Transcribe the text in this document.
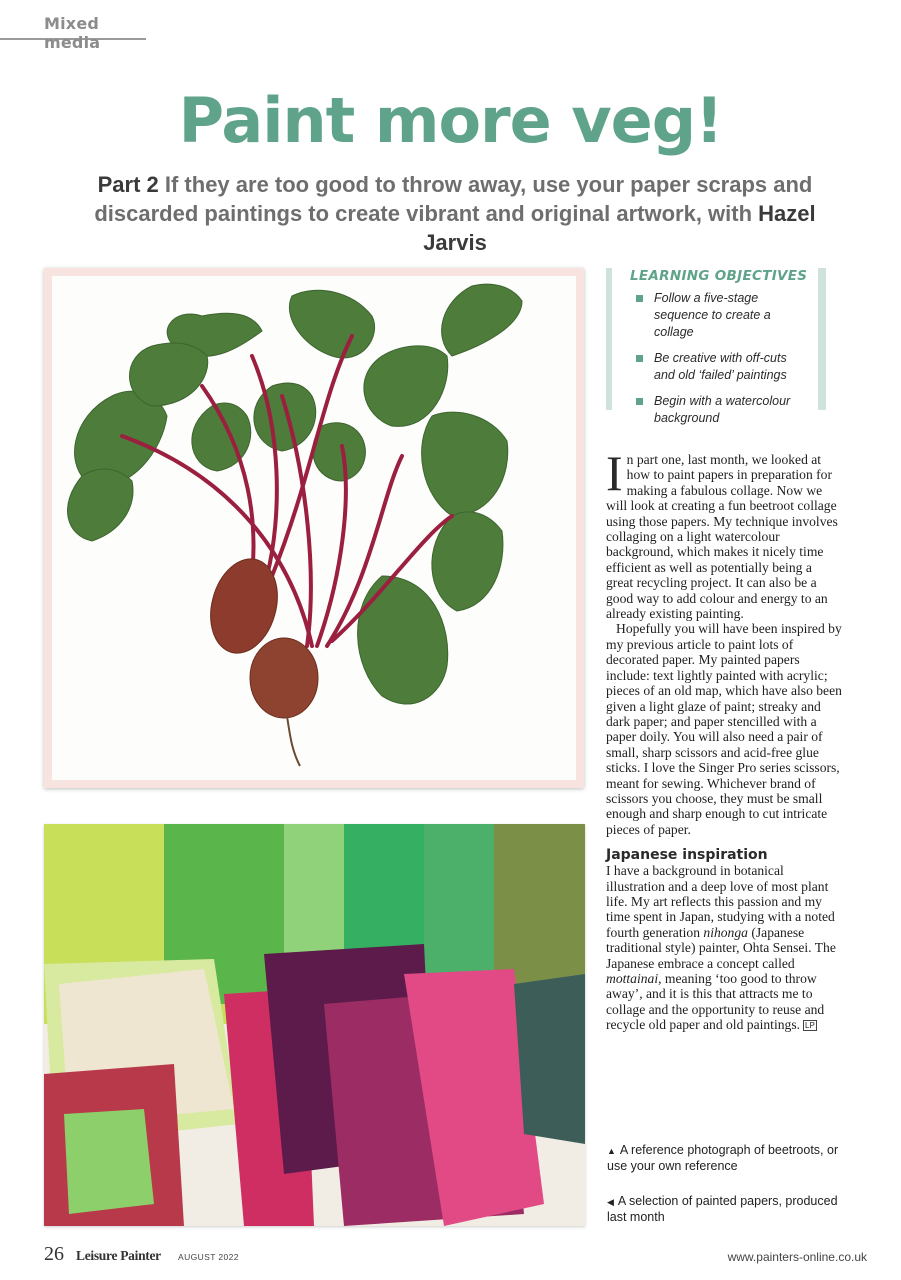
Mixed media
Paint more veg!

Part 2 If they are too good to throw away, use your paper scraps and discarded paintings to create vibrant and original artwork, with Hazel Jarvis

LEARNING OBJECTIVES
Follow a five-stage sequence to create a collage
Be creative with off-cuts and old ‘failed’ paintings
Begin with a watercolour background

In part one, last month, we looked at how to paint papers in preparation for making a fabulous collage. Now we will look at creating a fun beetroot collage using those papers. My technique involves collaging on a light watercolour background, which makes it nicely time efficient as well as potentially being a great recycling project. It can also be a good way to add colour and energy to an already existing painting.

Hopefully you will have been inspired by my previous article to paint lots of decorated paper. My painted papers include: text lightly painted with acrylic; pieces of an old map, which have also been given a light glaze of paint; streaky and dark paper; and paper stencilled with a paper doily. You will also need a pair of small, sharp scissors and acid-free glue sticks. I love the Singer Pro series scissors, meant for sewing. Whichever brand of scissors you choose, they must be small enough and sharp enough to cut intricate pieces of paper.

Japanese inspiration

I have a background in botanical illustration and a deep love of most plant life. My art reflects this passion and my time spent in Japan, studying with a noted fourth generation nihonga (Japanese traditional style) painter, Ohta Sensei. The Japanese embrace a concept called mottainai, meaning ‘too good to throw away’, and it is this that attracts me to collage and the opportunity to reuse and recycle old paper and old paintings. LP

▲ A reference photograph of beetroots, or use your own reference
◀ A selection of painted papers, produced last month
26 Leisure Painter AUGUST 2022	www.painters-online.co.uk
